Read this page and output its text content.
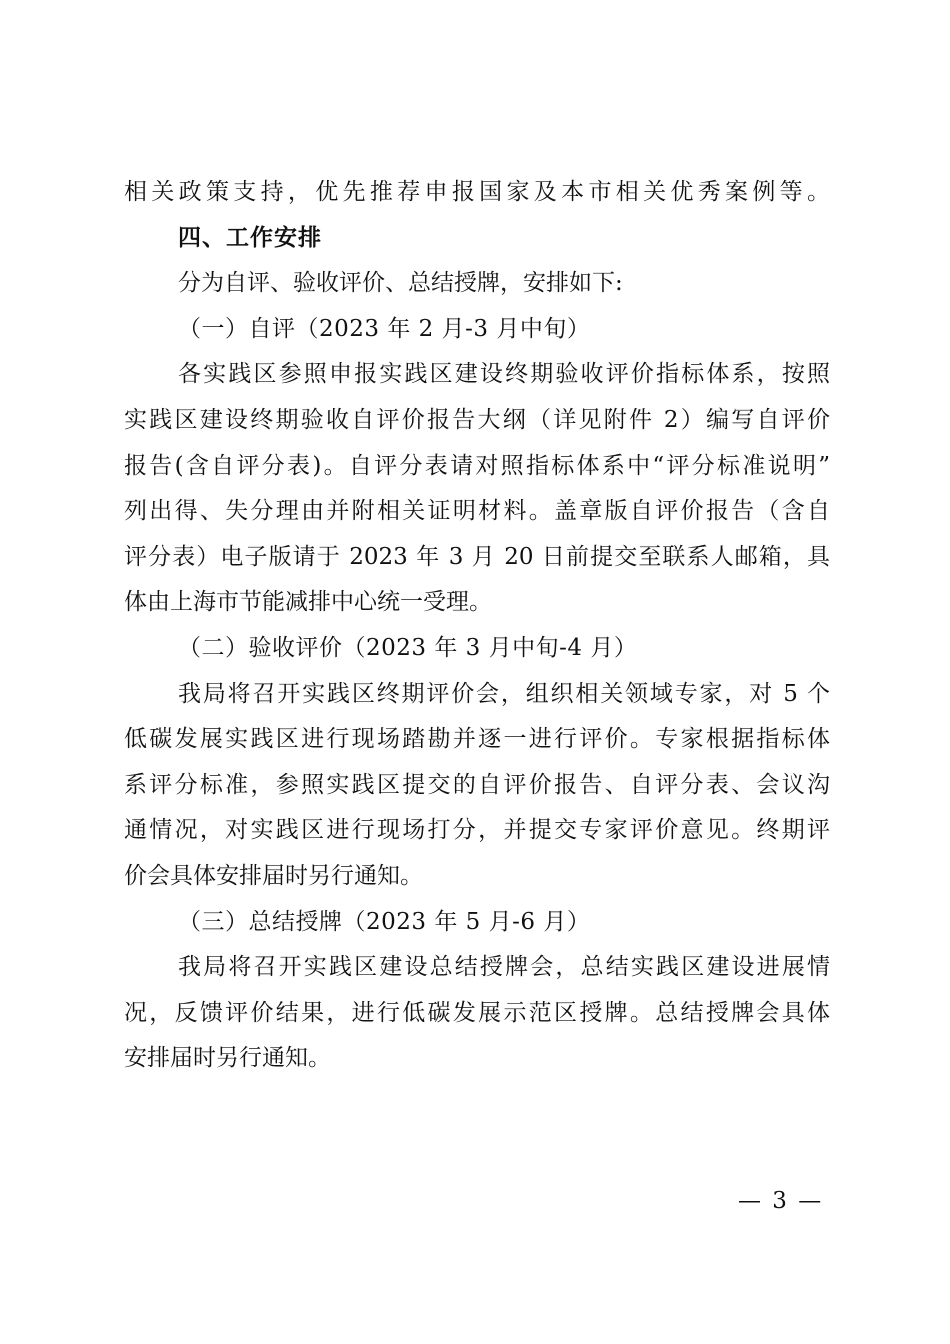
相关政策支持，优先推荐申报国家及本市相关优秀案例等。

四、工作安排

分为自评、验收评价、总结授牌，安排如下:

（一）自评（2023 年 2 月-3 月中旬）

各实践区参照申报实践区建设终期验收评价指标体系，按照

实践区建设终期验收自评价报告大纲（详见附件 2）编写自评价

报告(含自评分表)。自评分表请对照指标体系中“评分标准说明”

列出得、失分理由并附相关证明材料。盖章版自评价报告（含自

评分表）电子版请于 2023 年 3 月 20 日前提交至联系人邮箱，具

体由上海市节能减排中心统一受理。

（二）验收评价（2023 年 3 月中旬-4 月）

我局将召开实践区终期评价会，组织相关领域专家，对 5 个

低碳发展实践区进行现场踏勘并逐一进行评价。专家根据指标体

系评分标准，参照实践区提交的自评价报告、自评分表、会议沟

通情况，对实践区进行现场打分，并提交专家评价意见。终期评

价会具体安排届时另行通知。

（三）总结授牌（2023 年 5 月-6 月）

我局将召开实践区建设总结授牌会，总结实践区建设进展情

况，反馈评价结果，进行低碳发展示范区授牌。总结授牌会具体

安排届时另行通知。

— 3 —
